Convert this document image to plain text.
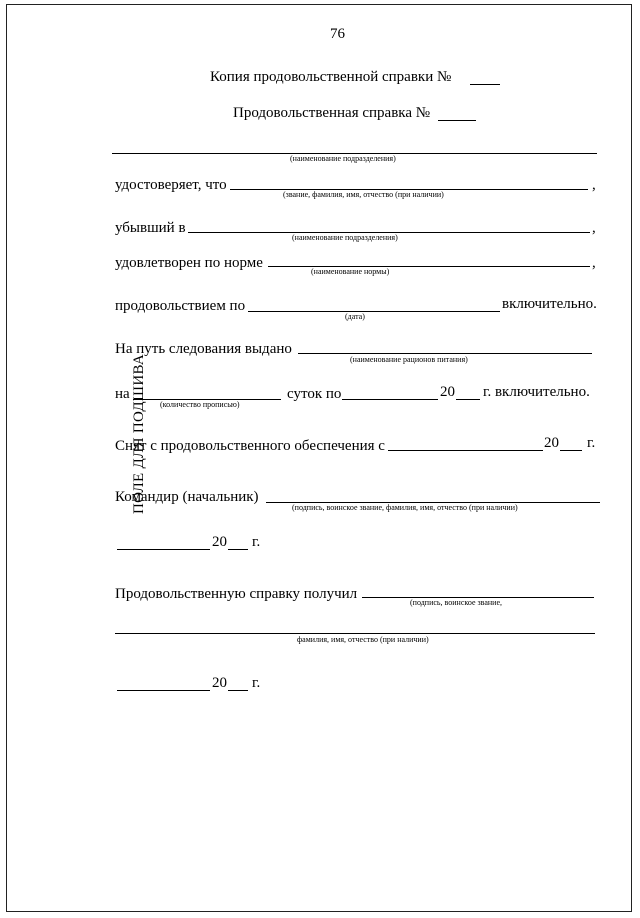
76
Копия продовольственной справки №
Продовольственная справка №
ПОЛЕ ДЛЯ ПОДШИВА
(наименование подразделения)
удостоверяет, что	,
(звание, фамилия, имя, отчество (при наличии)
убывший в	,
(наименование подразделения)
удовлетворен по норме	,
(наименование нормы)
продовольствием по	включительно.
(дата)
На путь следования выдано
(наименование рационов питания)
на
(количество прописью)
суток по	20 г. включительно.
Снят с продовольственного обеспечения с	20 г.
Командир (начальник)
(подпись, воинское звание, фамилия, имя, отчество (при наличии)
20 г.
Продовольственную справку получил
(подпись, воинское звание,
фамилия, имя, отчество (при наличии)
20 г.
